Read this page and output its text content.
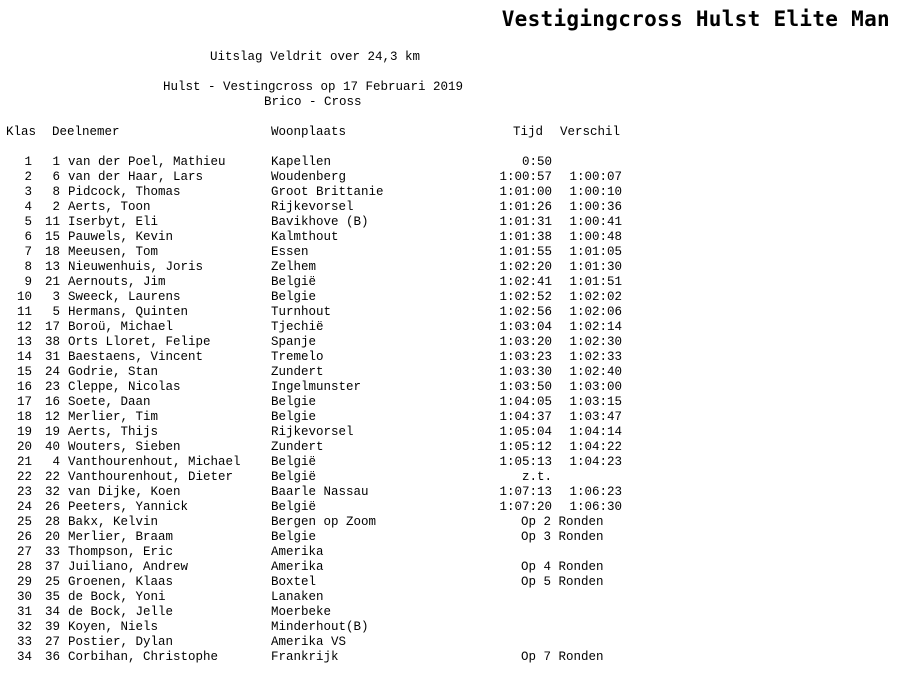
Vestigingcross Hulst Elite Man
Uitslag Veldrit over 24,3 km
Hulst - Vestingcross op 17 Februari 2019
Brico - Cross
Klas Deelnemer	Woonplaats	Tijd Verschil
1	1 van der Poel, Mathieu	Kapellen	0:50
2	6 van der Haar, Lars	Woudenberg	1:00:57	1:00:07
3	8 Pidcock, Thomas	Groot Brittanie	1:01:00	1:00:10
4	2 Aerts, Toon	Rijkevorsel	1:01:26	1:00:36
5	11 Iserbyt, Eli	Bavikhove (B)	1:01:31	1:00:41
6	15 Pauwels, Kevin	Kalmthout	1:01:38	1:00:48
7	18 Meeusen, Tom	Essen	1:01:55	1:01:05
8	13 Nieuwenhuis, Joris	Zelhem	1:02:20	1:01:30
9	21 Aernouts, Jim	België	1:02:41	1:01:51
10	3 Sweeck, Laurens	Belgie	1:02:52	1:02:02
11	5 Hermans, Quinten	Turnhout	1:02:56	1:02:06
12	17 Boroü, Michael	Tjechië	1:03:04	1:02:14
13	38 Orts Lloret, Felipe	Spanje	1:03:20	1:02:30
14	31 Baestaens, Vincent	Tremelo	1:03:23	1:02:33
15	24 Godrie, Stan	Zundert	1:03:30	1:02:40
16	23 Cleppe, Nicolas	Ingelmunster	1:03:50	1:03:00
17	16 Soete, Daan	Belgie	1:04:05	1:03:15
18	12 Merlier, Tim	Belgie	1:04:37	1:03:47
19	19 Aerts, Thijs	Rijkevorsel	1:05:04	1:04:14
20	40 Wouters, Sieben	Zundert	1:05:12	1:04:22
21	4 Vanthourenhout, Michael België	1:05:13	1:04:23
22	22 Vanthourenhout, Dieter	België	z.t.
23	32 van Dijke, Koen	Baarle Nassau	1:07:13	1:06:23
24	26 Peeters, Yannick	België	1:07:20	1:06:30
25	28 Bakx, Kelvin	Bergen op Zoom	Op 2 Ronden
26	20 Merlier, Braam	Belgie	Op 3 Ronden
27	33 Thompson, Eric	Amerika
28	37 Juiliano, Andrew	Amerika	Op 4 Ronden
29	25 Groenen, Klaas	Boxtel	Op 5 Ronden
30	35 de Bock, Yoni	Lanaken
31	34 de Bock, Jelle	Moerbeke
32	39 Koyen, Niels	Minderhout(B)
33	27 Postier, Dylan	Amerika VS
34	36 Corbihan, Christophe	Frankrijk	Op 7 Ronden
